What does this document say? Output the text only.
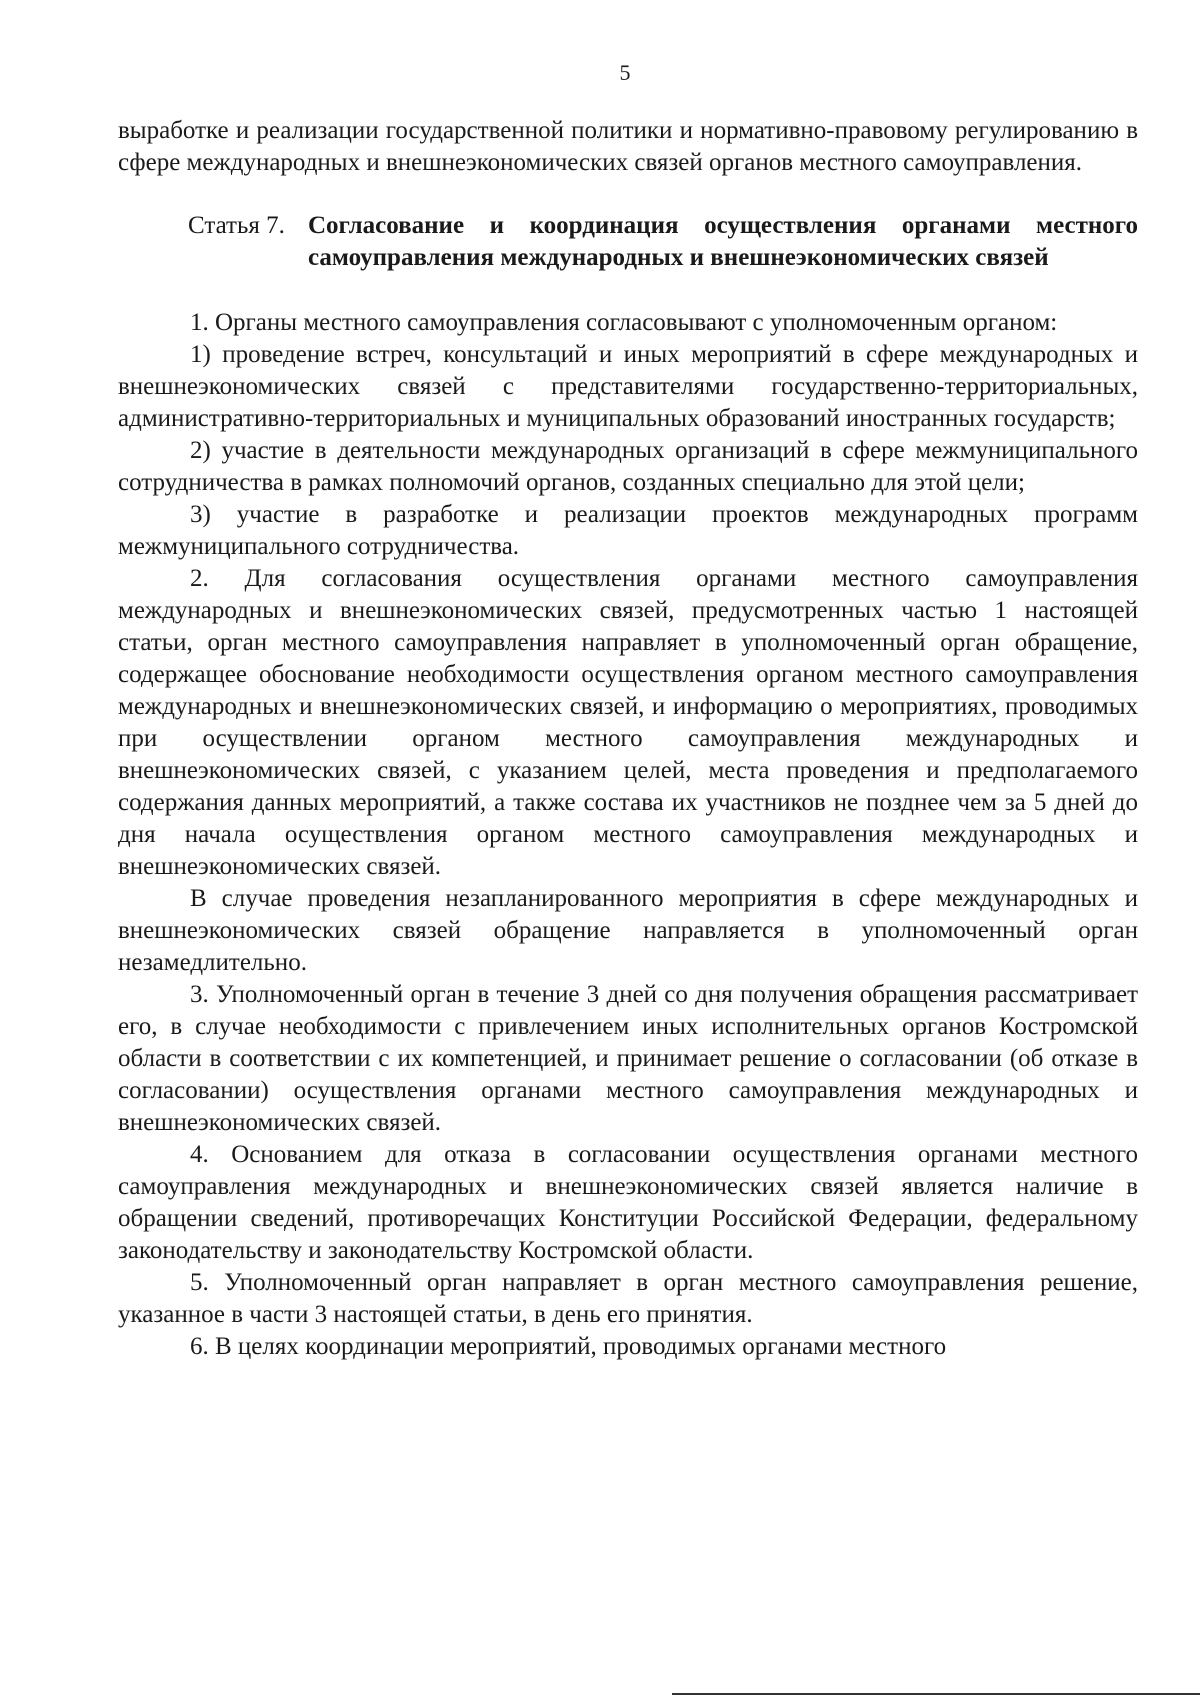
5

выработке и реализации государственной политики и нормативно-правовому регулированию в сфере международных и внешнеэкономических связей органов местного самоуправления.

Статья 7. Согласование и координация осуществления органами местного самоуправления международных и внешнеэкономических связей

1. Органы местного самоуправления согласовывают с уполномоченным органом:

1) проведение встреч, консультаций и иных мероприятий в сфере международных и внешнеэкономических связей с представителями государственно-территориальных, административно-территориальных и муниципальных образований иностранных государств;

2) участие в деятельности международных организаций в сфере межмуниципального сотрудничества в рамках полномочий органов, созданных специально для этой цели;

3) участие в разработке и реализации проектов международных программ межмуниципального сотрудничества.

2. Для согласования осуществления органами местного самоуправления международных и внешнеэкономических связей, предусмотренных частью 1 настоящей статьи, орган местного самоуправления направляет в уполномоченный орган обращение, содержащее обоснование необходимости осуществления органом местного самоуправления международных и внешнеэкономических связей, и информацию о мероприятиях, проводимых при осуществлении органом местного самоуправления международных и внешнеэкономических связей, с указанием целей, места проведения и предполагаемого содержания данных мероприятий, а также состава их участников не позднее чем за 5 дней до дня начала осуществления органом местного самоуправления международных и внешнеэкономических связей.

В случае проведения незапланированного мероприятия в сфере международных и внешнеэкономических связей обращение направляется в уполномоченный орган незамедлительно.

3. Уполномоченный орган в течение 3 дней со дня получения обращения рассматривает его, в случае необходимости с привлечением иных исполнительных органов Костромской области в соответствии с их компетенцией, и принимает решение о согласовании (об отказе в согласовании) осуществления органами местного самоуправления международных и внешнеэкономических связей.

4. Основанием для отказа в согласовании осуществления органами местного самоуправления международных и внешнеэкономических связей является наличие в обращении сведений, противоречащих Конституции Российской Федерации, федеральному законодательству и законодательству Костромской области.

5. Уполномоченный орган направляет в орган местного самоуправления решение, указанное в части 3 настоящей статьи, в день его принятия.

6. В целях координации мероприятий, проводимых органами местного
